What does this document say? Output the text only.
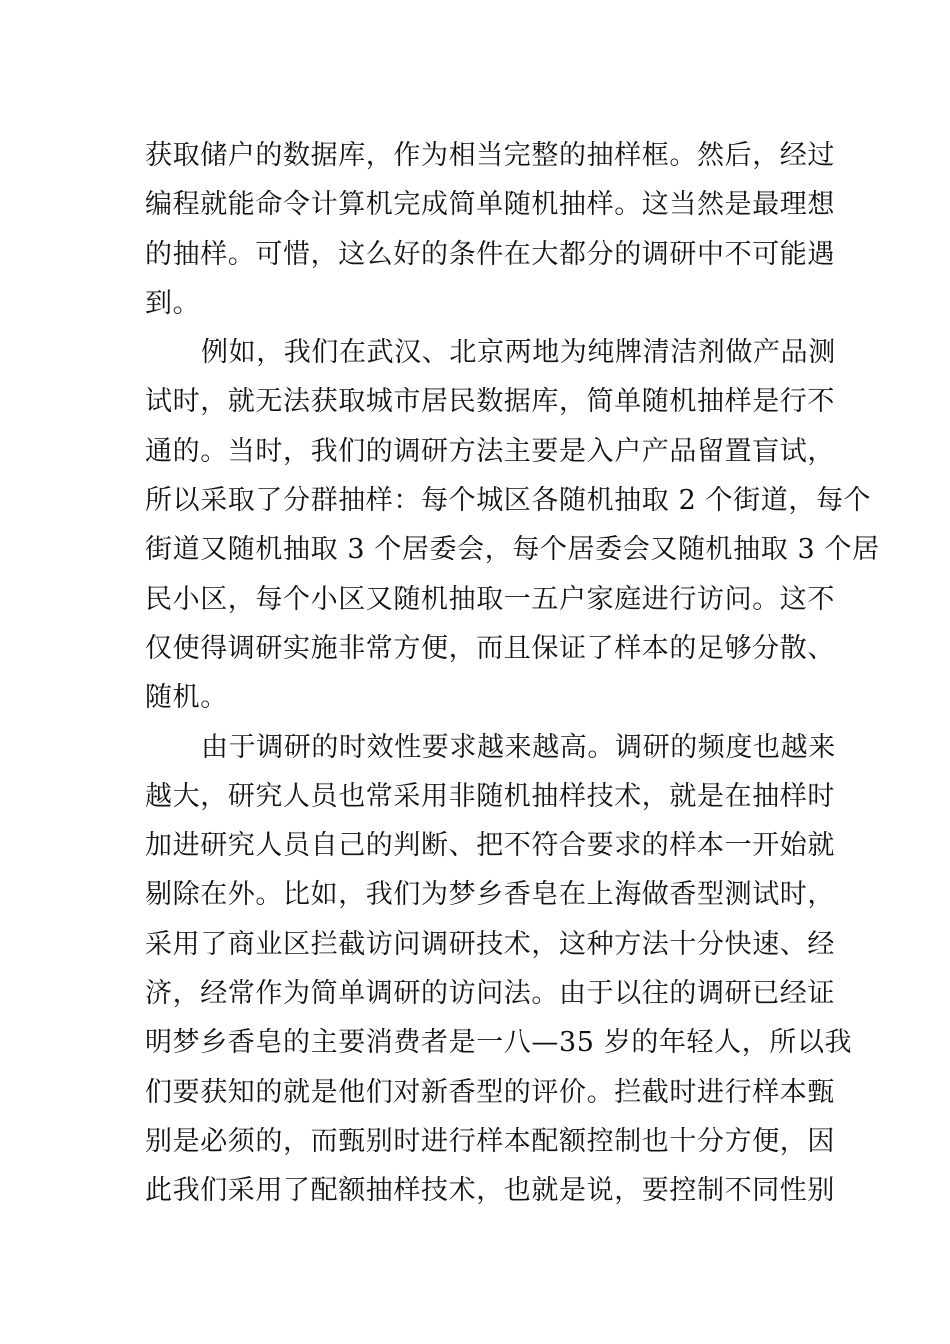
获取储户的数据库，作为相当完整的抽样框。然后，经过
编程就能命令计算机完成简单随机抽样。这当然是最理想
的抽样。可惜，这么好的条件在大都分的调研中不可能遇
到。
例如，我们在武汉、北京两地为纯牌清洁剂做产品测
试时，就无法获取城市居民数据库，简单随机抽样是行不
通的。当时，我们的调研方法主要是入户产品留置盲试，
所以采取了分群抽样：每个城区各随机抽取 2 个街道，每个
街道又随机抽取 3 个居委会，每个居委会又随机抽取 3 个居
民小区，每个小区又随机抽取一五户家庭进行访问。这不
仅使得调研实施非常方便，而且保证了样本的足够分散、
随机。
由于调研的时效性要求越来越高。调研的频度也越来
越大，研究人员也常采用非随机抽样技术，就是在抽样时
加进研究人员自己的判断、把不符合要求的样本一开始就
剔除在外。比如，我们为梦乡香皂在上海做香型测试时，
采用了商业区拦截访问调研技术，这种方法十分快速、经
济，经常作为简单调研的访问法。由于以往的调研已经证
明梦乡香皂的主要消费者是一八—35 岁的年轻人，所以我
们要获知的就是他们对新香型的评价。拦截时进行样本甄
别是必须的，而甄别时进行样本配额控制也十分方便，因
此我们采用了配额抽样技术，也就是说，要控制不同性别
